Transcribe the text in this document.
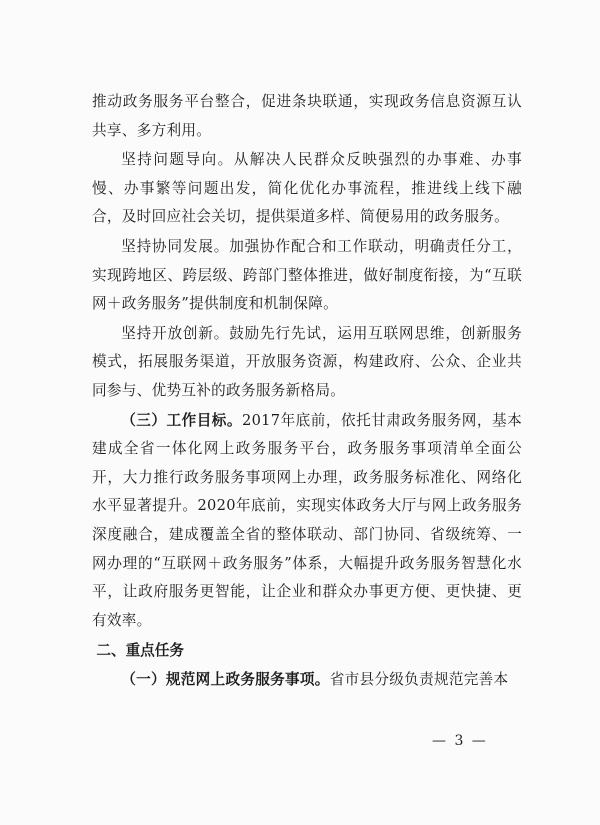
推动政务服务平台整合，促进条块联通，实现政务信息资源互认共享、多方利用。

坚持问题导向。从解决人民群众反映强烈的办事难、办事慢、办事繁等问题出发，简化优化办事流程，推进线上线下融合，及时回应社会关切，提供渠道多样、简便易用的政务服务。

坚持协同发展。加强协作配合和工作联动，明确责任分工，实现跨地区、跨层级、跨部门整体推进，做好制度衔接，为“互联网＋政务服务”提供制度和机制保障。

坚持开放创新。鼓励先行先试，运用互联网思维，创新服务模式，拓展服务渠道，开放服务资源，构建政府、公众、企业共同参与、优势互补的政务服务新格局。

（三）工作目标。2017年底前，依托甘肃政务服务网，基本建成全省一体化网上政务服务平台，政务服务事项清单全面公开，大力推行政务服务事项网上办理，政务服务标准化、网络化水平显著提升。2020年底前，实现实体政务大厅与网上政务服务深度融合，建成覆盖全省的整体联动、部门协同、省级统筹、一网办理的“互联网＋政务服务”体系，大幅提升政务服务智慧化水平，让政府服务更智能，让企业和群众办事更方便、更快捷、更有效率。

二、重点任务

（一）规范网上政务服务事项。省市县分级负责规范完善本

— 3 —
